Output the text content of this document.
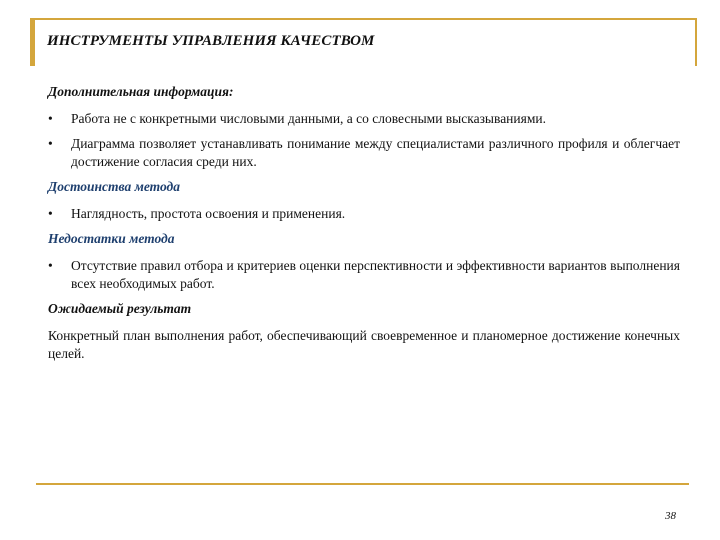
ИНСТРУМЕНТЫ УПРАВЛЕНИЯ КАЧЕСТВОМ

Дополнительная информация:

• Работа не с конкретными числовыми данными, а со словесными высказываниями.
• Диаграмма позволяет устанавливать понимание между специалистами различного профиля и облегчает достижение согласия среди них.

Достоинства метода

• Наглядность, простота освоения и применения.

Недостатки метода

• Отсутствие правил отбора и критериев оценки перспективности и эффективности вариантов выполнения всех необходимых работ.

Ожидаемый результат

Конкретный план выполнения работ, обеспечивающий своевременное и планомерное достижение конечных целей.

38
